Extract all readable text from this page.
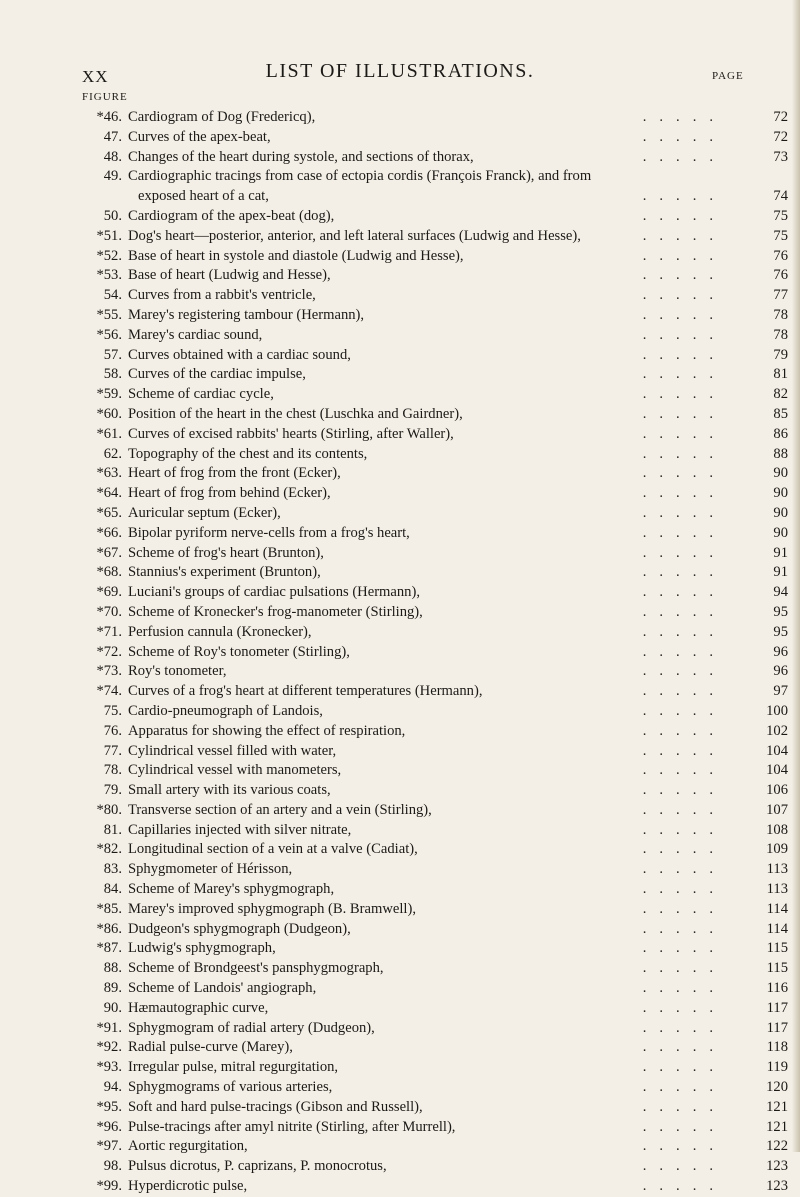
XX	LIST OF ILLUSTRATIONS.	PAGE
FIGURE
*46. Cardiogram of Dog (Fredericq),	.....	72
47. Curves of the apex-beat,	.....	72
48. Changes of the heart during systole, and sections of thorax,	.....	73
49. Cardiographic tracings from case of ectopia cordis (François Franck), and from
exposed heart of a cat,	.....	74
50. Cardiogram of the apex-beat (dog),	.....	75
*51. Dog's heart—posterior, anterior, and left lateral surfaces (Ludwig and Hesse),	.....	75
*52. Base of heart in systole and diastole (Ludwig and Hesse),	.....	76
*53. Base of heart (Ludwig and Hesse),	.....	76
54. Curves from a rabbit's ventricle,	.....	77
*55. Marey's registering tambour (Hermann),	.....	78
*56. Marey's cardiac sound,	.....	78
57. Curves obtained with a cardiac sound,	.....	79
58. Curves of the cardiac impulse,	.....	81
*59. Scheme of cardiac cycle,	.....	82
*60. Position of the heart in the chest (Luschka and Gairdner),	.....	85
*61. Curves of excised rabbits' hearts (Stirling, after Waller),	.....	86
62. Topography of the chest and its contents,	.....	88
*63. Heart of frog from the front (Ecker),	.....	90
*64. Heart of frog from behind (Ecker),	.....	90
*65. Auricular septum (Ecker),	.....	90
*66. Bipolar pyriform nerve-cells from a frog's heart,	.....	90
*67. Scheme of frog's heart (Brunton),	.....	91
*68. Stannius's experiment (Brunton),	.....	91
*69. Luciani's groups of cardiac pulsations (Hermann),	.....	94
*70. Scheme of Kronecker's frog-manometer (Stirling),	.....	95
*71. Perfusion cannula (Kronecker),	.....	95
*72. Scheme of Roy's tonometer (Stirling),	.....	96
*73. Roy's tonometer,	.....	96
*74. Curves of a frog's heart at different temperatures (Hermann),	.....	97
75. Cardio-pneumograph of Landois,	.....	100
76. Apparatus for showing the effect of respiration,	.....	102
77. Cylindrical vessel filled with water,	.....	104
78. Cylindrical vessel with manometers,	.....	104
79. Small artery with its various coats,	.....	106
*80. Transverse section of an artery and a vein (Stirling),	.....	107
81. Capillaries injected with silver nitrate,	.....	108
*82. Longitudinal section of a vein at a valve (Cadiat),	.....	109
83. Sphygmometer of Hérisson,	.....	113
84. Scheme of Marey's sphygmograph,	.....	113
*85. Marey's improved sphygmograph (B. Bramwell),	.....	114
*86. Dudgeon's sphygmograph (Dudgeon),	.....	114
*87. Ludwig's sphygmograph,	.....	115
88. Scheme of Brondgeest's pansphygmograph,	.....	115
89. Scheme of Landois' angiograph,	.....	116
90. Hæmautographic curve,	.....	117
*91. Sphygmogram of radial artery (Dudgeon),	.....	117
*92. Radial pulse-curve (Marey),	.....	118
*93. Irregular pulse, mitral regurgitation,	.....	119
94. Sphygmograms of various arteries,	.....	120
*95. Soft and hard pulse-tracings (Gibson and Russell),	.....	121
*96. Pulse-tracings after amyl nitrite (Stirling, after Murrell),	.....	121
*97. Aortic regurgitation,	.....	122
98. Pulsus dicrotus, P. caprizans, P. monocrotus,	.....	123
*99. Hyperdicrotic pulse,	.....	123
